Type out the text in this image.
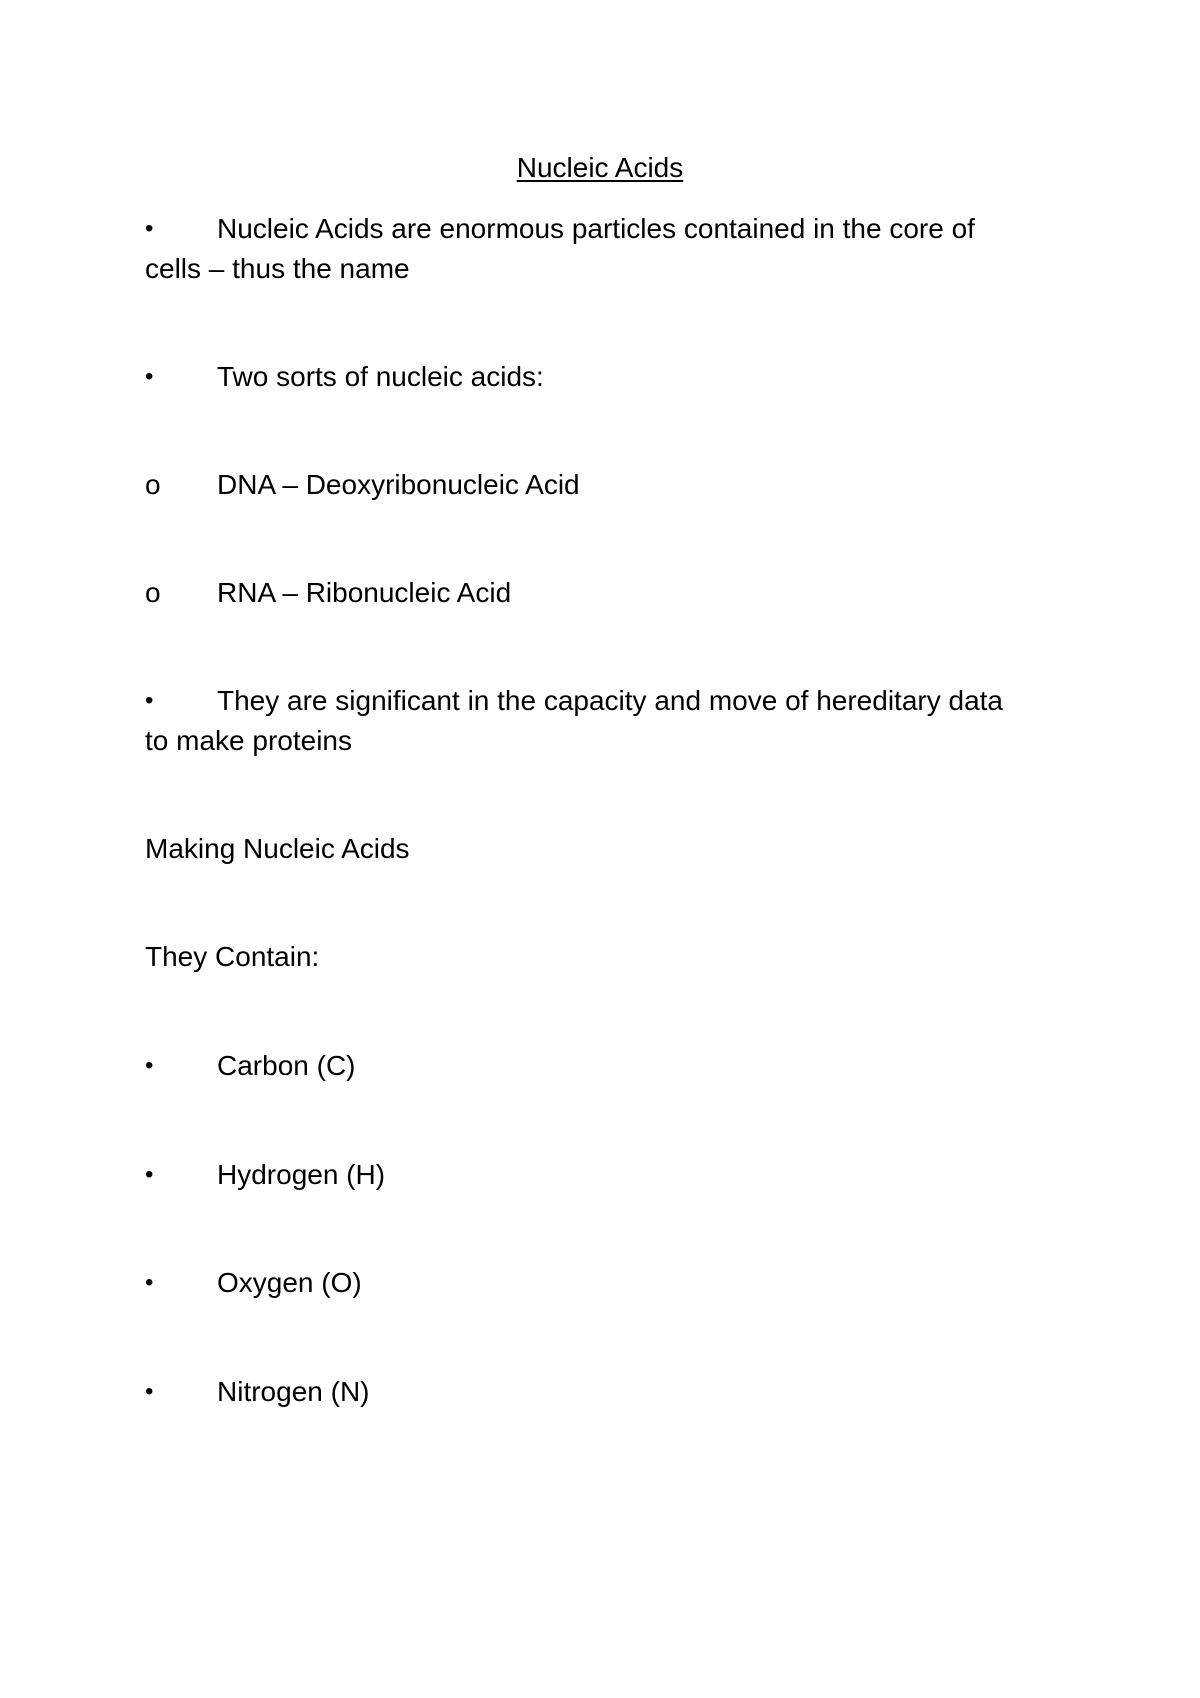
Nucleic Acids
•	Nucleic Acids are enormous particles contained in the core of
cells – thus the name
•	Two sorts of nucleic acids:
o	DNA – Deoxyribonucleic Acid
o	RNA – Ribonucleic Acid
•	They are significant in the capacity and move of hereditary data
to make proteins
Making Nucleic Acids
They Contain:
•	Carbon (C)
•	Hydrogen (H)
•	Oxygen (O)
•	Nitrogen (N)
